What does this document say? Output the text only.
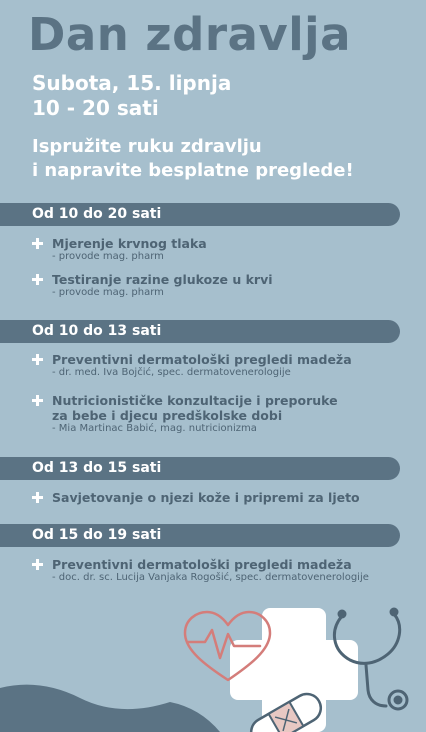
Dan zdravlja
Subota, 15. lipnja
10 - 20 sati
Ispružite ruku zdravlju
i napravite besplatne preglede!
Od 10 do 20 sati
Mjerenje krvnog tlaka
- provode mag. pharm
Testiranje razine glukoze u krvi
- provode mag. pharm
Od 10 do 13 sati
Preventivni dermatološki pregledi madeža
- dr. med. Iva Bojčić, spec. dermatovenerologije
Nutricionističke konzultacije i preporuke
za bebe i djecu predškolske dobi
- Mia Martinac Babić, mag. nutricionizma
Od 13 do 15 sati
Savjetovanje o njezi kože i pripremi za ljeto
Od 15 do 19 sati
Preventivni dermatološki pregledi madeža
- doc. dr. sc. Lucija Vanjaka Rogošić, spec. dermatovenerologije
